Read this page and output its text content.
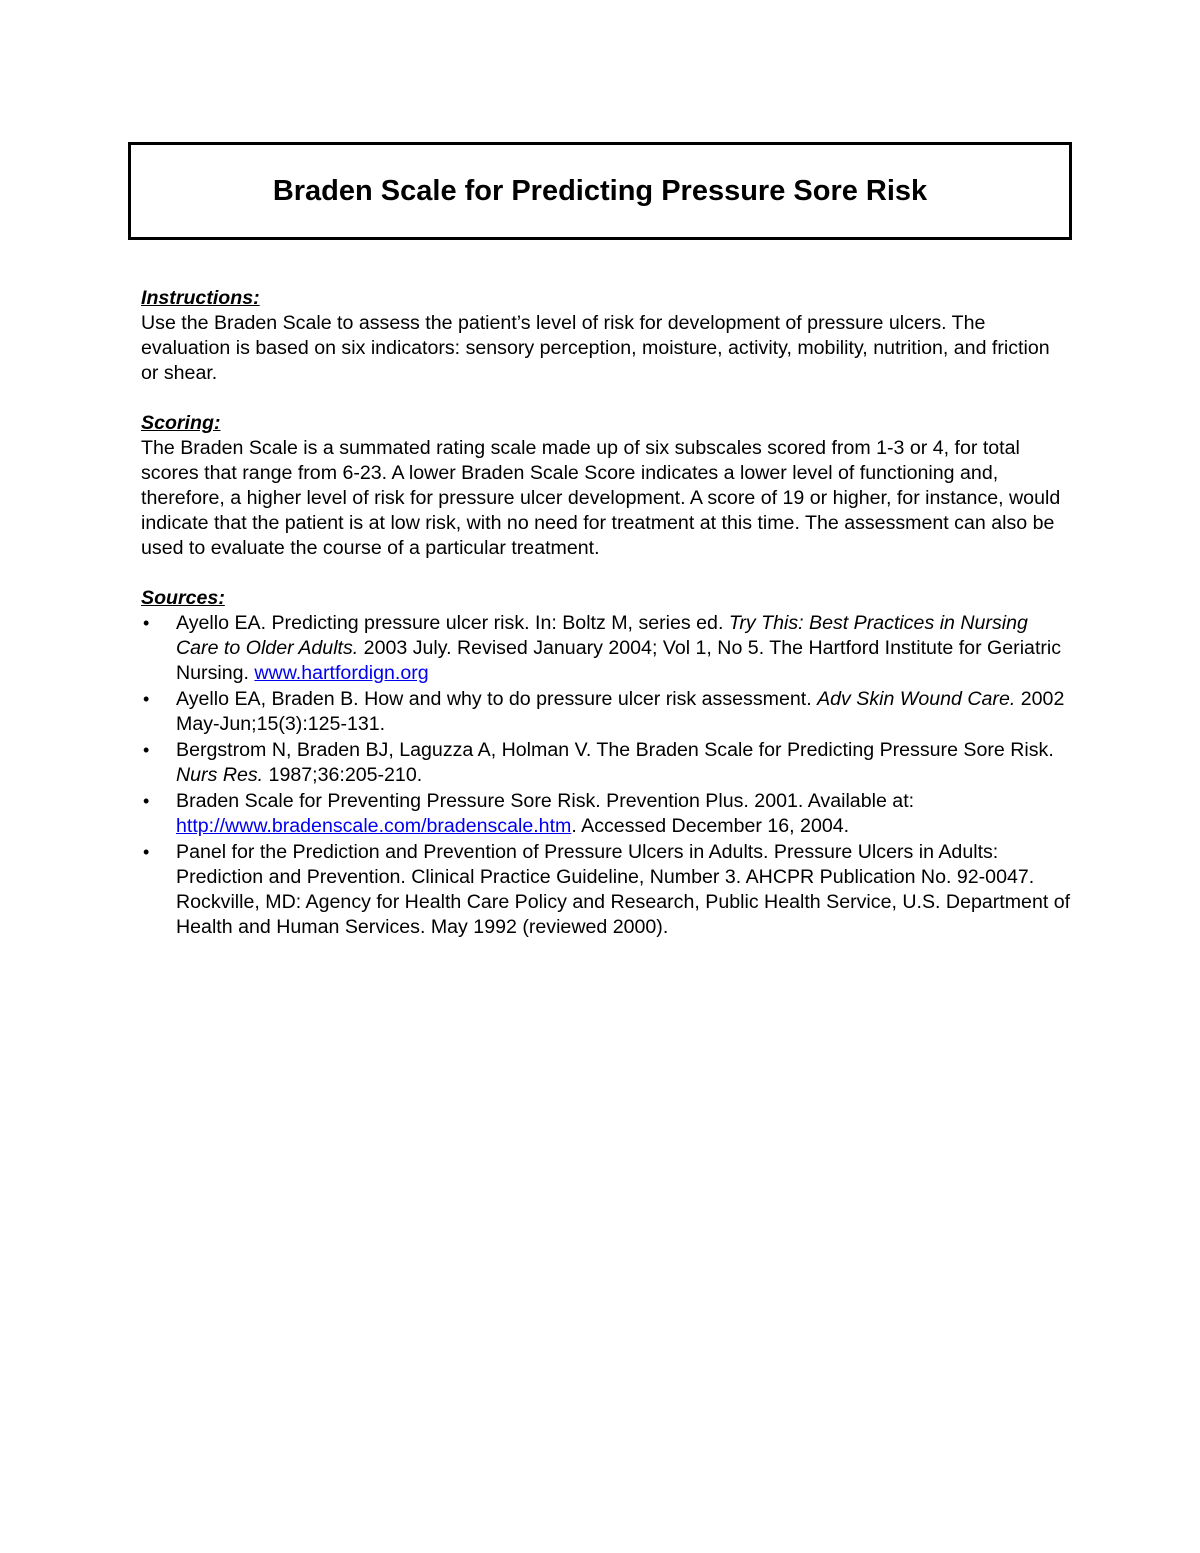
Braden Scale for Predicting Pressure Sore Risk

Instructions:

Use the Braden Scale to assess the patient’s level of risk for development of pressure ulcers. The evaluation is based on six indicators: sensory perception, moisture, activity, mobility, nutrition, and friction or shear.

Scoring:

The Braden Scale is a summated rating scale made up of six subscales scored from 1-3 or 4, for total scores that range from 6-23. A lower Braden Scale Score indicates a lower level of functioning and, therefore, a higher level of risk for pressure ulcer development. A score of 19 or higher, for instance, would indicate that the patient is at low risk, with no need for treatment at this time. The assessment can also be used to evaluate the course of a particular treatment.

Sources:

• Ayello EA. Predicting pressure ulcer risk. In: Boltz M, series ed. Try This: Best Practices in Nursing Care to Older Adults. 2003 July. Revised January 2004; Vol 1, No 5. The Hartford Institute for Geriatric Nursing. www.hartfordign.org
• Ayello EA, Braden B. How and why to do pressure ulcer risk assessment. Adv Skin Wound Care. 2002 May-Jun;15(3):125-131.
• Bergstrom N, Braden BJ, Laguzza A, Holman V. The Braden Scale for Predicting Pressure Sore Risk. Nurs Res. 1987;36:205-210.
• Braden Scale for Preventing Pressure Sore Risk. Prevention Plus. 2001. Available at: http://www.bradenscale.com/bradenscale.htm. Accessed December 16, 2004.
• Panel for the Prediction and Prevention of Pressure Ulcers in Adults. Pressure Ulcers in Adults: Prediction and Prevention. Clinical Practice Guideline, Number 3. AHCPR Publication No. 92-0047. Rockville, MD: Agency for Health Care Policy and Research, Public Health Service, U.S. Department of Health and Human Services. May 1992 (reviewed 2000).
